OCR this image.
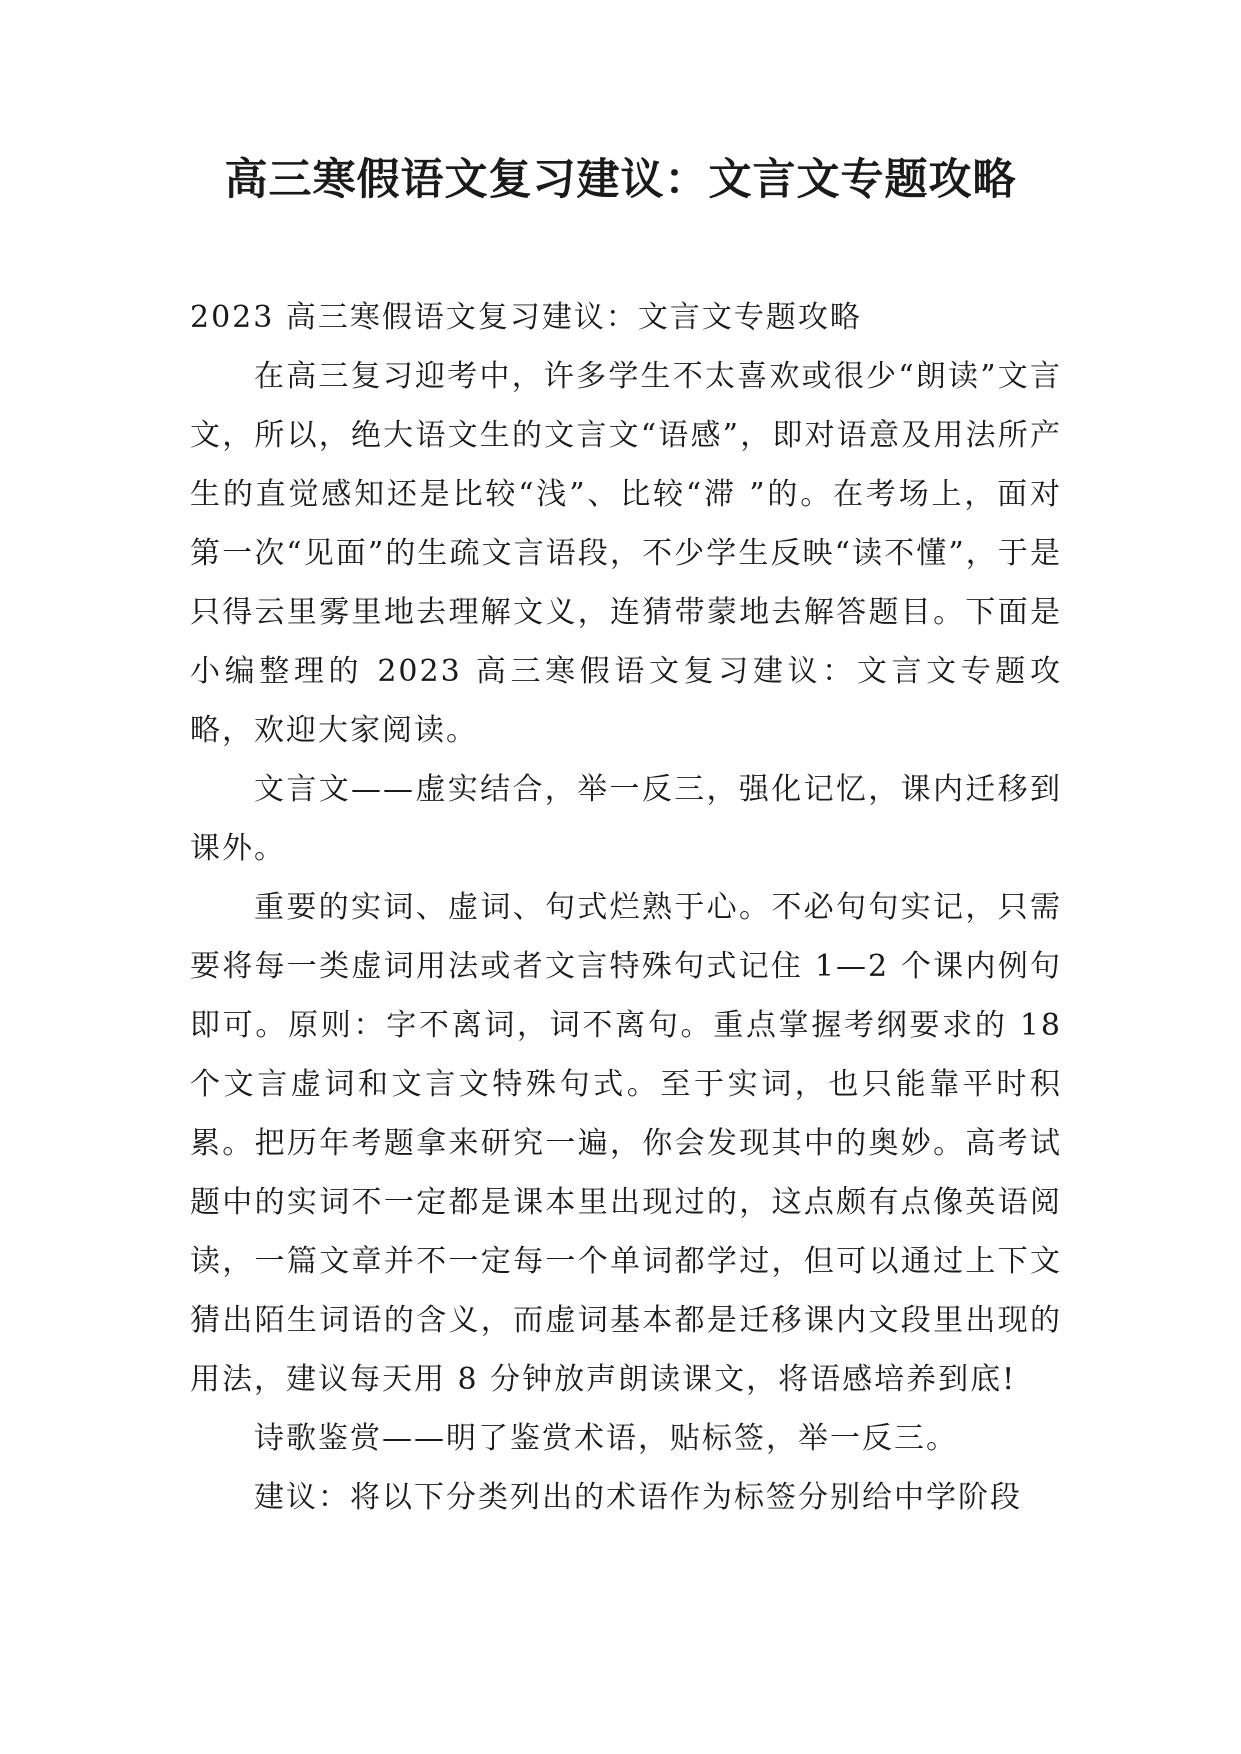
高三寒假语文复习建议：文言文专题攻略

2023 高三寒假语文复习建议：文言文专题攻略

在高三复习迎考中，许多学生不太喜欢或很少“朗读”文言文，所以，绝大语文生的文言文“语感”，即对语意及用法所产生的直觉感知还是比较“浅”、比较“滞 ”的。在考场上，面对第一次“见面”的生疏文言语段，不少学生反映“读不懂”，于是只得云里雾里地去理解文义，连猜带蒙地去解答题目。下面是小编整理的 2023 高三寒假语文复习建议：文言文专题攻略，欢迎大家阅读。

文言文——虚实结合，举一反三，强化记忆，课内迁移到课外。

重要的实词、虚词、句式烂熟于心。不必句句实记，只需要将每一类虚词用法或者文言特殊句式记住 1—2 个课内例句即可。原则：字不离词，词不离句。重点掌握考纲要求的 18 个文言虚词和文言文特殊句式。至于实词，也只能靠平时积累。把历年考题拿来研究一遍，你会发现其中的奥妙。高考试题中的实词不一定都是课本里出现过的，这点颇有点像英语阅读，一篇文章并不一定每一个单词都学过，但可以通过上下文猜出陌生词语的含义，而虚词基本都是迁移课内文段里出现的用法，建议每天用 8 分钟放声朗读课文，将语感培养到底!

诗歌鉴赏——明了鉴赏术语，贴标签，举一反三。

建议：将以下分类列出的术语作为标签分别给中学阶段
